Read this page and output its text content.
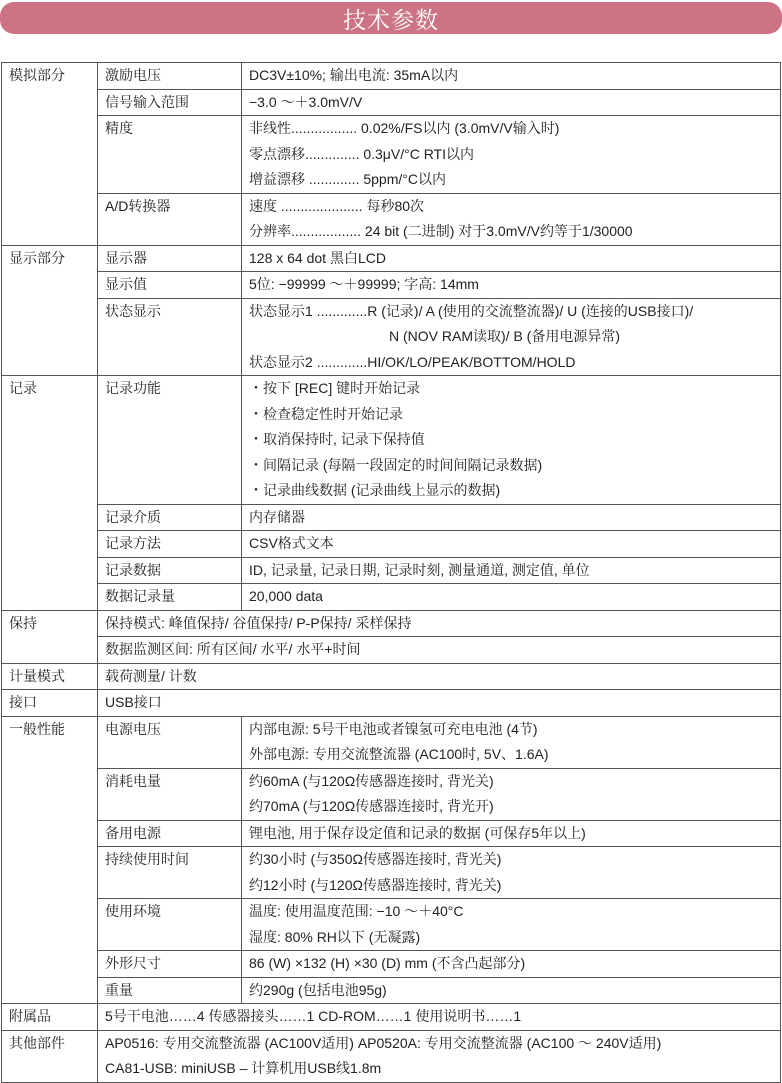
技术参数
模拟部分	激励电压	DC3V±10%; 输出电流: 35mA以内

	信号输入范围	−3.0 ～＋3.0mV/V

	精度	非线性................. 0.02%/FS以内 (3.0mV/V输入时)
零点漂移.............. 0.3μV/°C RTI以内
增益漂移 ............. 5ppm/°C以内

	A/D转换器	速度 ..................... 每秒80次
分辨率.................. 24 bit (二进制) 对于3.0mV/V约等于1/30000

显示部分	显示器	128 x 64 dot 黑白LCD

	显示值	5位: −99999 ～＋99999; 字高: 14mm

	状态显示	状态显示1 .............R (记录)/ A (使用的交流整流器)/ U (连接的USB接口)/
N (NOV RAM读取)/ B (备用电源异常)
状态显示2 .............HI/OK/LO/PEAK/BOTTOM/HOLD

记录	记录功能	・按下 [REC] 键时开始记录
・检查稳定性时开始记录
・取消保持时, 记录下保持值
・间隔记录 (每隔一段固定的时间间隔记录数据)
・记录曲线数据 (记录曲线上显示的数据)

	记录介质	内存储器

	记录方法	CSV格式文本

	记录数据	ID, 记录量, 记录日期, 记录时刻, 测量通道, 测定值, 单位

	数据记录量	20,000 data

保持	保持模式: 峰值保持/ 谷值保持/ P-P保持/ 采样保持	

	数据监测区间: 所有区间/ 水平/ 水平+时间	

计量模式	载荷测量/ 计数	

接口	USB接口	

一般性能	电源电压	内部电源: 5号干电池或者镍氢可充电电池 (4节)
外部电源: 专用交流整流器 (AC100时, 5V、1.6A)

	消耗电量	约60mA (与120Ω传感器连接时, 背光关)
约70mA (与120Ω传感器连接时, 背光开)

	备用电源	锂电池, 用于保存设定值和记录的数据 (可保存5年以上)

	持续使用时间	约30小时 (与350Ω传感器连接时, 背光关)
约12小时 (与120Ω传感器连接时, 背光关)

	使用环境	温度: 使用温度范围: −10 ～＋40°C
湿度: 80% RH以下 (无凝露)

	外形尺寸	86 (W) ×132 (H) ×30 (D) mm (不含凸起部分)

	重量	约290g (包括电池95g)

附属品	5号干电池……4 传感器接头……1 CD-ROM……1 使用说明书……1	

其他部件	AP0516: 专用交流整流器 (AC100V适用) AP0520A: 专用交流整流器 (AC100 ～ 240V适用)
CA81-USB: miniUSB – 计算机用USB线1.8m	
